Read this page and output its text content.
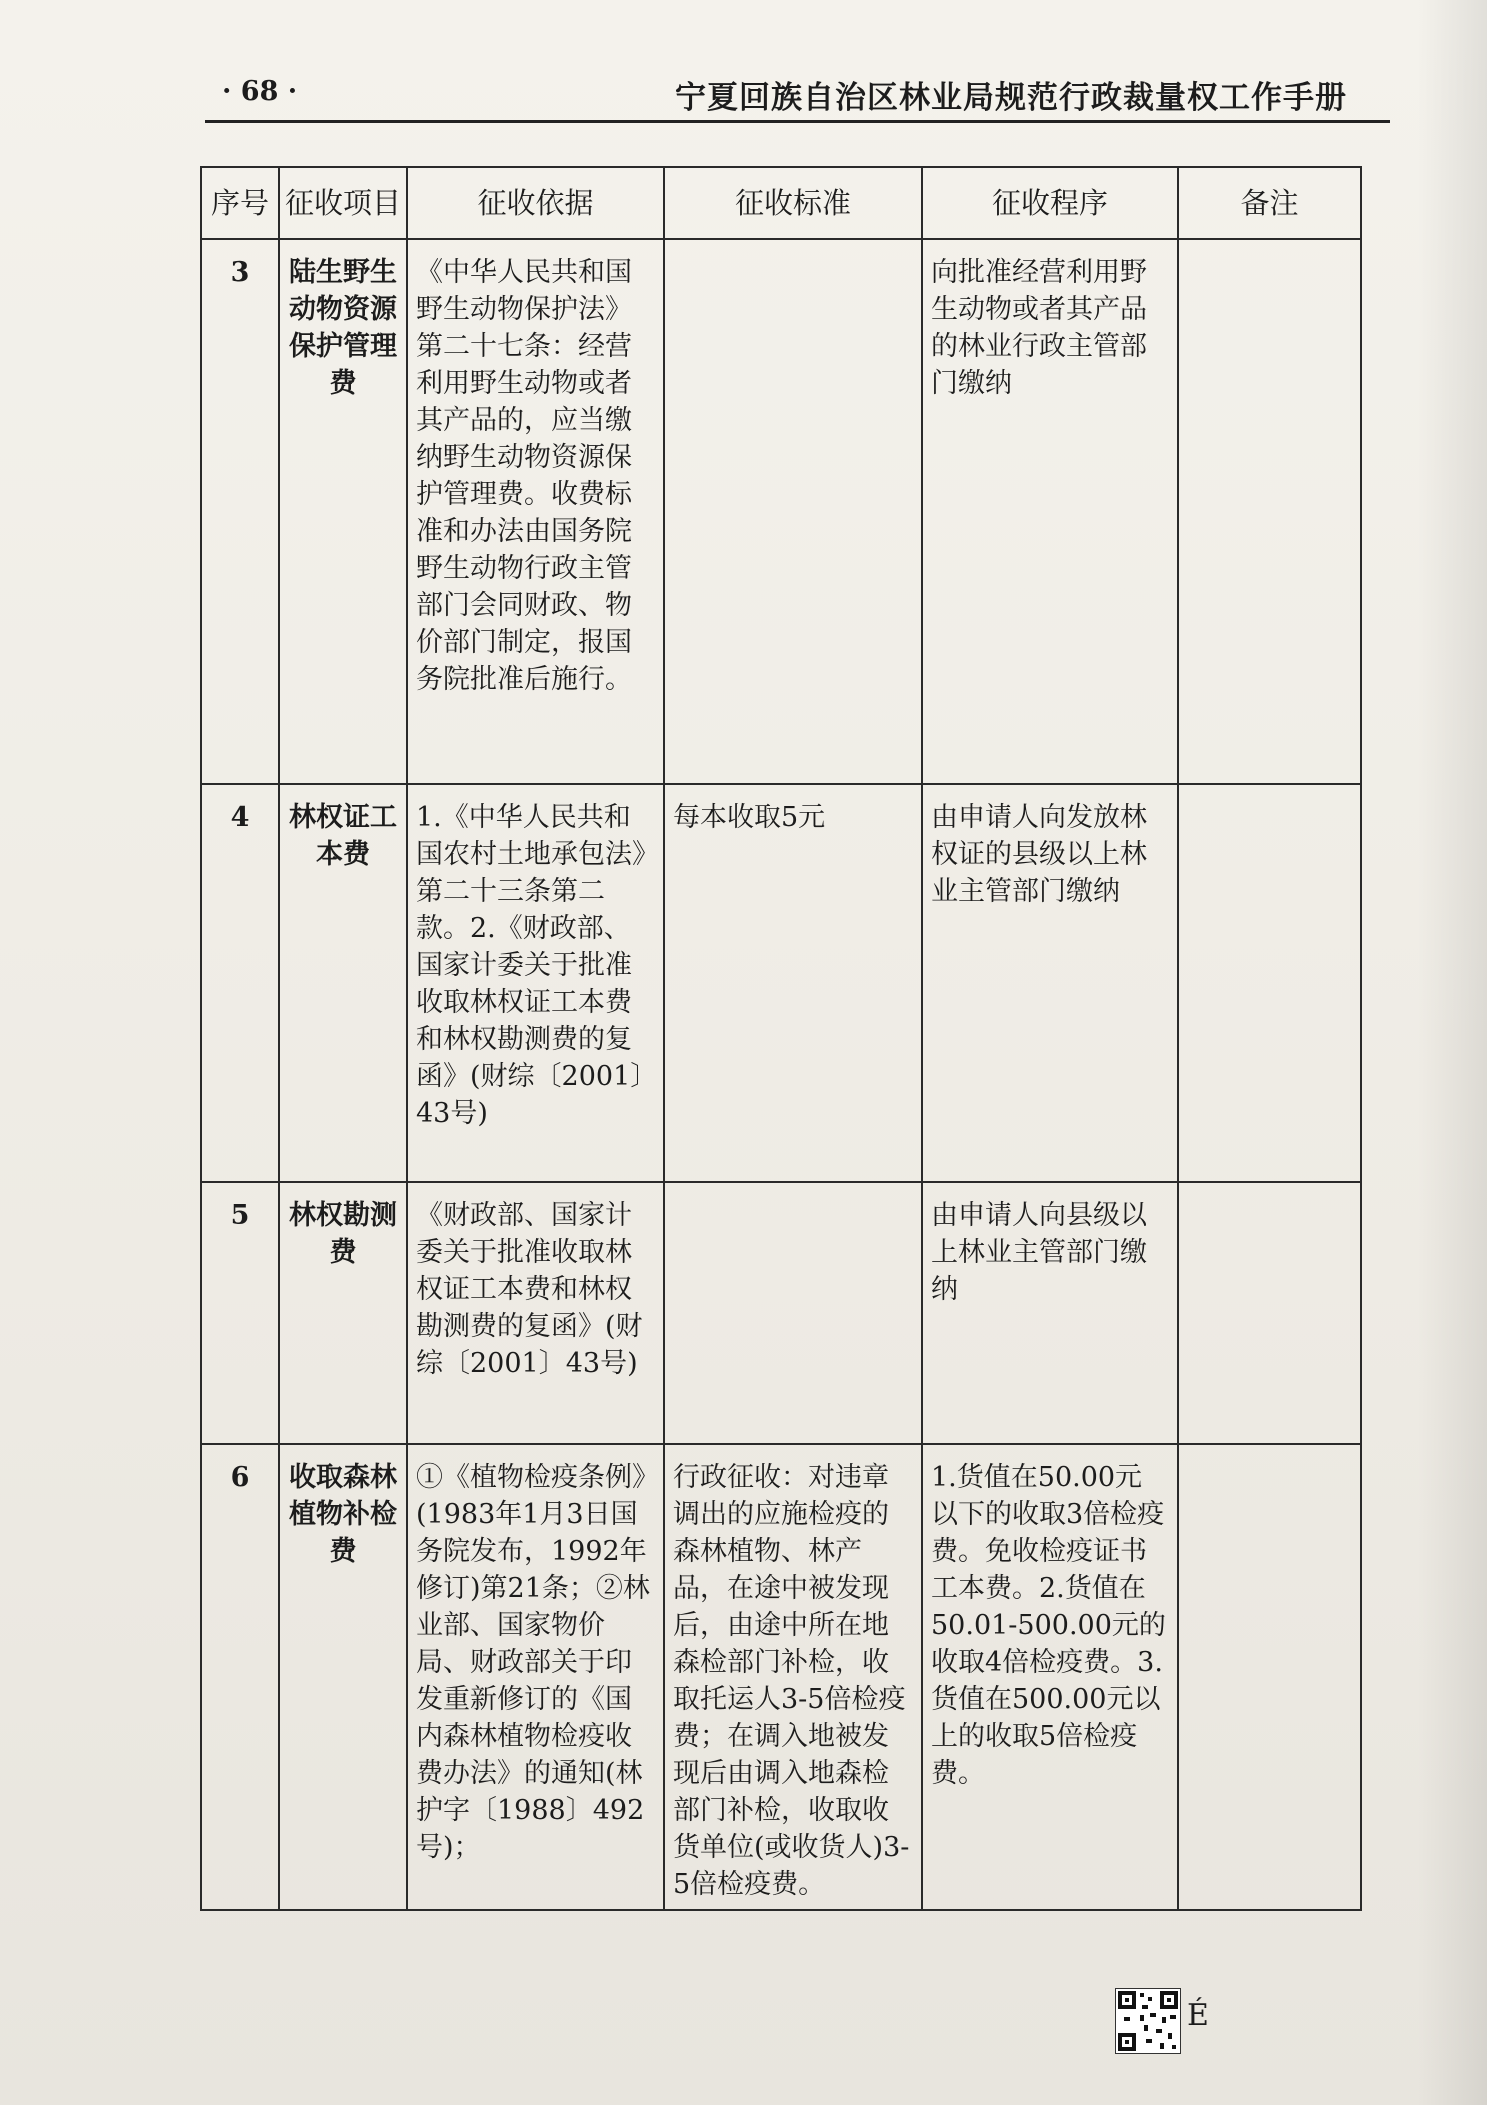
· 68 ·	宁夏回族自治区林业局规范行政裁量权工作手册
序号	征收项目	征收依据	征收标准	征收程序	备注
3	陆生野生动物资源保护管理费	《中华人民共和国野生动物保护法》第二十七条：经营利用野生动物或者其产品的，应当缴纳野生动物资源保护管理费。收费标准和办法由国务院野生动物行政主管部门会同财政、物价部门制定，报国务院批准后施行。		向批准经营利用野生动物或者其产品的林业行政主管部门缴纳	
4	林权证工本费	1.《中华人民共和国农村土地承包法》第二十三条第二款。2.《财政部、国家计委关于批准收取林权证工本费和林权勘测费的复函》(财综〔2001〕43号)	每本收取5元	由申请人向发放林权证的县级以上林业主管部门缴纳	
5	林权勘测费	《财政部、国家计委关于批准收取林权证工本费和林权勘测费的复函》(财综〔2001〕43号)		由申请人向县级以上林业主管部门缴纳	
6	收取森林植物补检费	①《植物检疫条例》(1983年1月3日国务院发布，1992年修订)第21条；②林业部、国家物价局、财政部关于印发重新修订的《国内森林植物检疫收费办法》的通知(林护字〔1988〕492号)；	行政征收：对违章调出的应施检疫的森林植物、林产品，在途中被发现后，由途中所在地森检部门补检，收取托运人3-5倍检疫费；在调入地被发现后由调入地森检部门补检，收取收货单位(或收货人)3-5倍检疫费。	1.货值在50.00元以下的收取3倍检疫费。免收检疫证书工本费。2.货值在50.01-500.00元的收取4倍检疫费。3.货值在500.00元以上的收取5倍检疫费。	
É
